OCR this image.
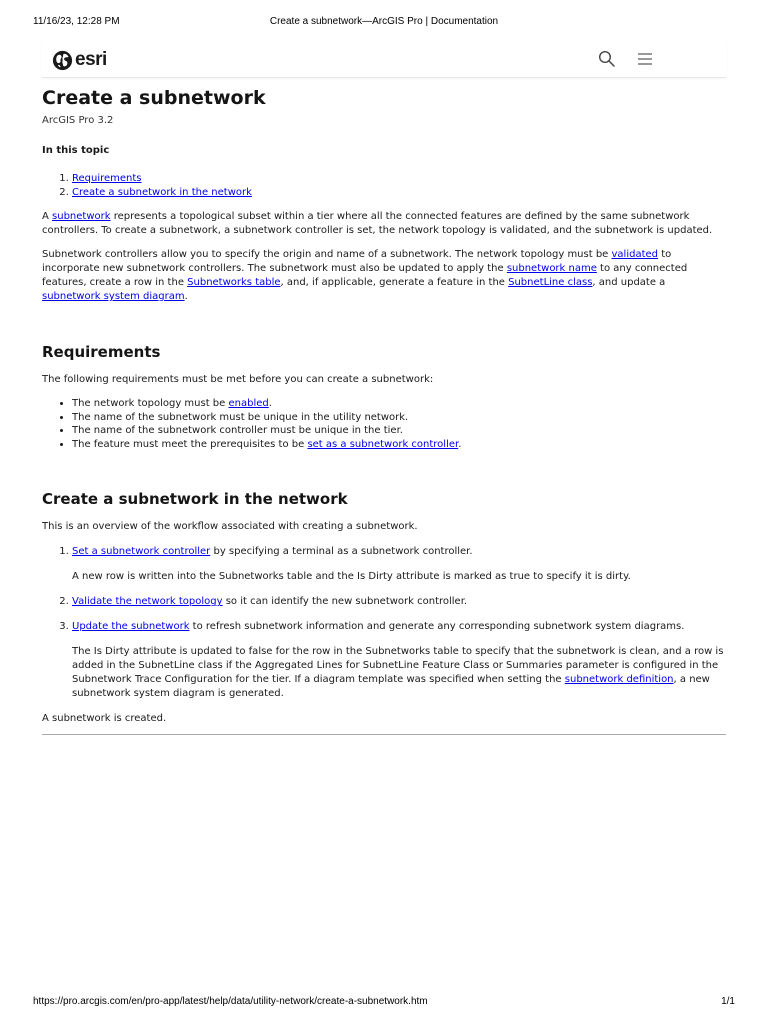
11/16/23, 12:28 PM	Create a subnetwork—ArcGIS Pro | Documentation
esri
Create a subnetwork
ArcGIS Pro 3.2
In this topic
1. Requirements
2. Create a subnetwork in the network

A subnetwork represents a topological subset within a tier where all the connected features are defined by the same subnetwork controllers. To create a subnetwork, a subnetwork controller is set, the network topology is validated, and the subnetwork is updated.

Subnetwork controllers allow you to specify the origin and name of a subnetwork. The network topology must be validated to incorporate new subnetwork controllers. The subnetwork must also be updated to apply the subnetwork name to any connected features, create a row in the Subnetworks table, and, if applicable, generate a feature in the SubnetLine class, and update a subnetwork system diagram.

Requirements

The following requirements must be met before you can create a subnetwork:

• The network topology must be enabled.
• The name of the subnetwork must be unique in the utility network.
• The name of the subnetwork controller must be unique in the tier.
• The feature must meet the prerequisites to be set as a subnetwork controller.
Create a subnetwork in the network

This is an overview of the workflow associated with creating a subnetwork.

1. Set a subnetwork controller by specifying a terminal as a subnetwork controller.
A new row is written into the Subnetworks table and the Is Dirty attribute is marked as true to specify it is dirty.
2. Validate the network topology so it can identify the new subnetwork controller.
3. Update the subnetwork to refresh subnetwork information and generate any corresponding subnetwork system diagrams.
The Is Dirty attribute is updated to false for the row in the Subnetworks table to specify that the subnetwork is clean, and a row is added in the SubnetLine class if the Aggregated Lines for SubnetLine Feature Class or Summaries parameter is configured in the Subnetwork Trace Configuration for the tier. If a diagram template was specified when setting the subnetwork definition, a new subnetwork system diagram is generated.

A subnetwork is created.

https://pro.arcgis.com/en/pro-app/latest/help/data/utility-network/create-a-subnetwork.htm	1/1
